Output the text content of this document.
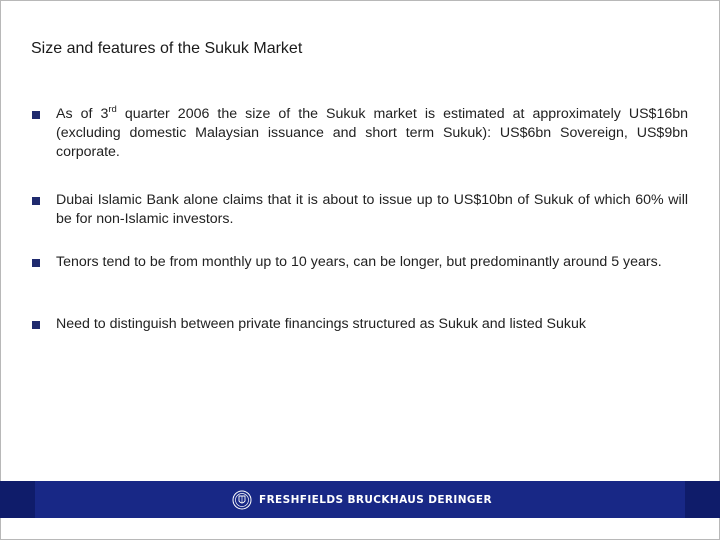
Size and features of the Sukuk Market
As of 3rd quarter 2006 the size of the Sukuk market is estimated at approximately US$16bn (excluding domestic Malaysian issuance and short term Sukuk): US$6bn Sovereign, US$9bn corporate.
Dubai Islamic Bank alone claims that it is about to issue up to US$10bn of Sukuk of which 60% will be for non-Islamic investors.
Tenors tend to be from monthly up to 10 years, can be longer, but predominantly around 5 years.
Need to distinguish between private financings structured as Sukuk and listed Sukuk
FRESHFIELDS BRUCKHAUS DERINGER
